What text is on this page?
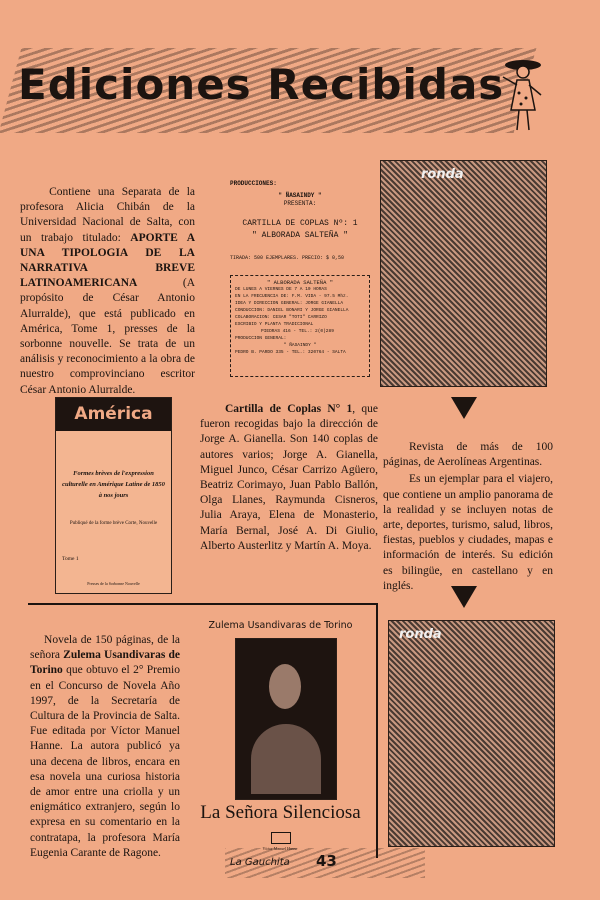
Ediciones Recibidas
Contiene una Separata de la profesora Alicia Chibán de la Universidad Nacional de Salta, con un trabajo titulado: APORTE A UNA TIPOLOGIA DE LA NARRATIVA BREVE LATINOAMERICANA (A propósito de César Antonio Alurralde), que está publicado en América, Tome 1, presses de la sorbonne nouvelle. Se trata de un análisis y reconocimiento a la obra de nuestro comprovinciano escritor César Antonio Alurralde.
América
Formes brèves de l'expression culturelle en Amérique Latine de 1850 à nos jours
Publiqué de la forme brève Corte, Nouvelle
Tome 1
Presses de la Sorbonne Nouvelle
PRODUCCIONES:
" ÑASAINDY "
PRESENTA:
CARTILLA DE COPLAS Nº: 1
" ALBORADA SALTEÑA "
TIRADA: 500 EJEMPLARES. PRECIO: $ 0,50
" ALBORADA SALTEÑA "
DE LUNES A VIERNES DE 7 A 10 HORAS
EN LA FRECUENCIA DE: F.M. VIDA - 97.5 Mhz.
IDEA Y DIRECCION GENERAL: JORGE GIANELLA
CONDUCCION: DANIEL BONARI Y JORGE GIANELLA
COLABORACION: CESAR "TOTI" CARRIZO
ESCRIBIO Y PLANTA TRADICIONAL
PIEDRAS 416 - TEL.: 2(0)289
PRODUCCION GENERAL:
" ÑASAINDY "
PEDRO B. PARDO 335 - TEL.: 320764 - SALTA
ronda
Cartilla de Coplas N° 1, que fueron recogidas bajo la dirección de Jorge A. Gianella. Son 140 coplas de autores varios; Jorge A. Gianella, Miguel Junco, César Carrizo Agüero, Beatriz Corimayo, Juan Pablo Ballón, Olga Llanes, Raymunda Cisneros, Julia Araya, Elena de Monasterio, María Bernal, José A. Di Giulio, Alberto Austerlitz y Martín A. Moya.
Revista de más de 100 páginas, de Aerolíneas Argentinas.
Es un ejemplar para el viajero, que contiene un amplio panorama de la realidad y se incluyen notas de arte, deportes, turismo, salud, libros, fiestas, pueblos y ciudades, mapas e información de interés. Su edición es bilingüe, en castellano y en inglés.
ronda
Novela de 150 páginas, de la señora Zulema Usandivaras de Torino que obtuvo el 2° Premio en el Concurso de Novela Año 1997, de la Secretaría de Cultura de la Provincia de Salta. Fue editada por Víctor Manuel Hanne. La autora publicó ya una decena de libros, encara en esa novela una curiosa historia de amor entre una criolla y un enigmático extranjero, según lo expresa en su comentario en la contratapa, la profesora María Eugenia Carante de Ragone.
Zulema Usandivaras de Torino
La Señora Silenciosa
Víctor Manuel Hanne
La Gauchita 43
